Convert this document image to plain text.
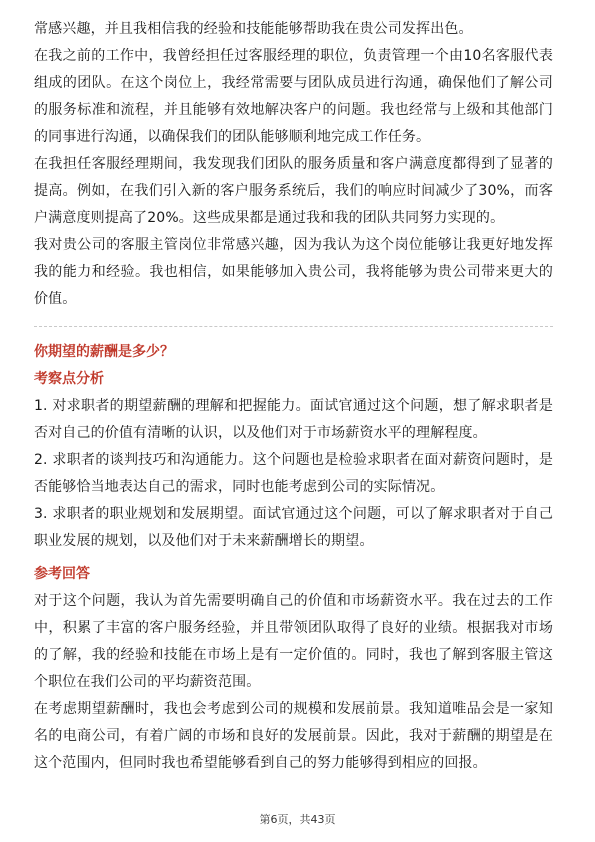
常感兴趣，并且我相信我的经验和技能能够帮助我在贵公司发挥出色。

在我之前的工作中，我曾经担任过客服经理的职位，负责管理一个由10名客服代表组成的团队。在这个岗位上，我经常需要与团队成员进行沟通，确保他们了解公司的服务标准和流程，并且能够有效地解决客户的问题。我也经常与上级和其他部门的同事进行沟通，以确保我们的团队能够顺利地完成工作任务。

在我担任客服经理期间，我发现我们团队的服务质量和客户满意度都得到了显著的提高。例如，在我们引入新的客户服务系统后，我们的响应时间减少了30%，而客户满意度则提高了20%。这些成果都是通过我和我的团队共同努力实现的。

我对贵公司的客服主管岗位非常感兴趣，因为我认为这个岗位能够让我更好地发挥我的能力和经验。我也相信，如果能够加入贵公司，我将能够为贵公司带来更大的价值。

你期望的薪酬是多少？

考察点分析

1. 对求职者的期望薪酬的理解和把握能力。面试官通过这个问题，想了解求职者是否对自己的价值有清晰的认识，以及他们对于市场薪资水平的理解程度。

2. 求职者的谈判技巧和沟通能力。这个问题也是检验求职者在面对薪资问题时，是否能够恰当地表达自己的需求，同时也能考虑到公司的实际情况。

3. 求职者的职业规划和发展期望。面试官通过这个问题，可以了解求职者对于自己职业发展的规划，以及他们对于未来薪酬增长的期望。

参考回答

对于这个问题，我认为首先需要明确自己的价值和市场薪资水平。我在过去的工作中，积累了丰富的客户服务经验，并且带领团队取得了良好的业绩。根据我对市场的了解，我的经验和技能在市场上是有一定价值的。同时，我也了解到客服主管这个职位在我们公司的平均薪资范围。

在考虑期望薪酬时，我也会考虑到公司的规模和发展前景。我知道唯品会是一家知名的电商公司，有着广阔的市场和良好的发展前景。因此，我对于薪酬的期望是在这个范围内，但同时我也希望能够看到自己的努力能够得到相应的回报。

第6页，共43页
